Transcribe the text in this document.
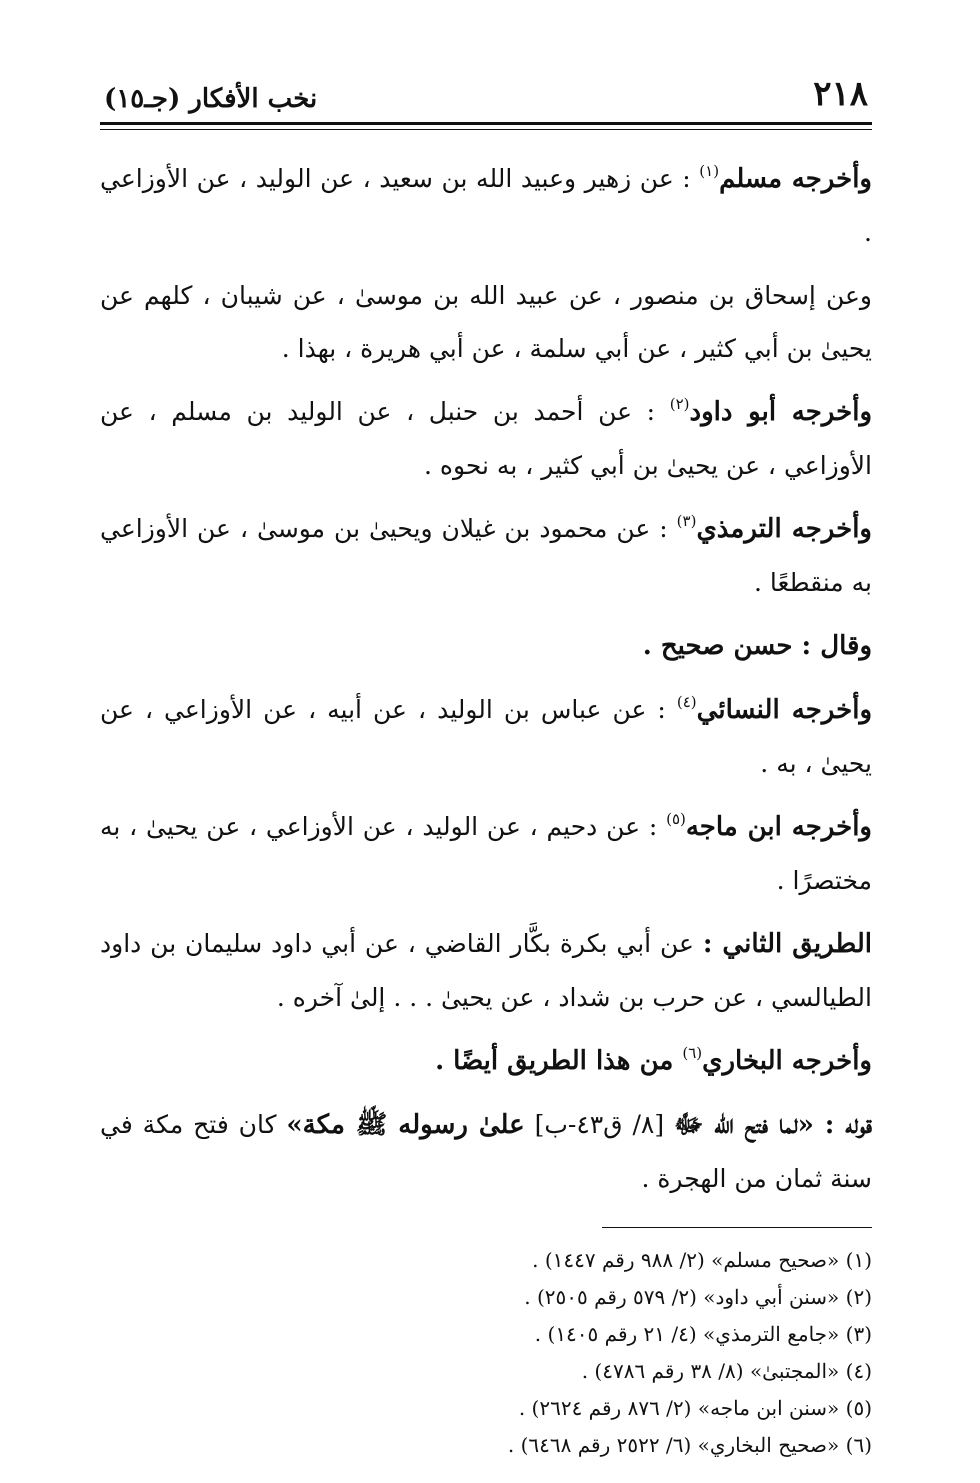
٢١٨
نخب الأفكار (جـ١٥)

وأخرجه مسلم$^{(١)}$ : عن زهير وعبيد الله بن سعيد ، عن الوليد ، عن الأوزاعي .

وعن إسحاق بن منصور ، عن عبيد الله بن موسىٰ ، عن شيبان ، كلهم عن يحيىٰ بن أبي كثير ، عن أبي سلمة ، عن أبي هريرة ، بهذا .

وأخرجه أبو داود$^{(٢)}$ : عن أحمد بن حنبل ، عن الوليد بن مسلم ، عن الأوزاعي ، عن يحيىٰ بن أبي كثير ، به نحوه .

وأخرجه الترمذي$^{(٣)}$ : عن محمود بن غيلان ويحيىٰ بن موسىٰ ، عن الأوزاعي به منقطعًا .

وقال : حسن صحيح .

وأخرجه النسائي$^{(٤)}$ : عن عباس بن الوليد ، عن أبيه ، عن الأوزاعي ، عن يحيىٰ ، به .

وأخرجه ابن ماجه$^{(٥)}$ : عن دحيم ، عن الوليد ، عن الأوزاعي ، عن يحيىٰ ، به مختصرًا .

الطريق الثاني : عن أبي بكرة بكَّار القاضي ، عن أبي داود سليمان بن داود الطيالسي ، عن حرب بن شداد ، عن يحيىٰ . . . إلىٰ آخره .

وأخرجه البخاري$^{(٦)}$ من هذا الطريق أيضًا .

قوله : «لما فتح الله ﷻ [٨/ ق٤٣-ب] علىٰ رسوله ﷺ مكة» كان فتح مكة في سنة ثمان من الهجرة .

(١) «صحيح مسلم» (٢/ ٩٨٨ رقم ١٤٤٧) .

(٢) «سنن أبي داود» (٢/ ٥٧٩ رقم ٢٥٠٥) .

(٣) «جامع الترمذي» (٤/ ٢١ رقم ١٤٠٥) .

(٤) «المجتبىٰ» (٨/ ٣٨ رقم ٤٧٨٦) .

(٥) «سنن ابن ماجه» (٢/ ٨٧٦ رقم ٢٦٢٤) .

(٦) «صحيح البخاري» (٦/ ٢٥٢٢ رقم ٦٤٦٨) .
